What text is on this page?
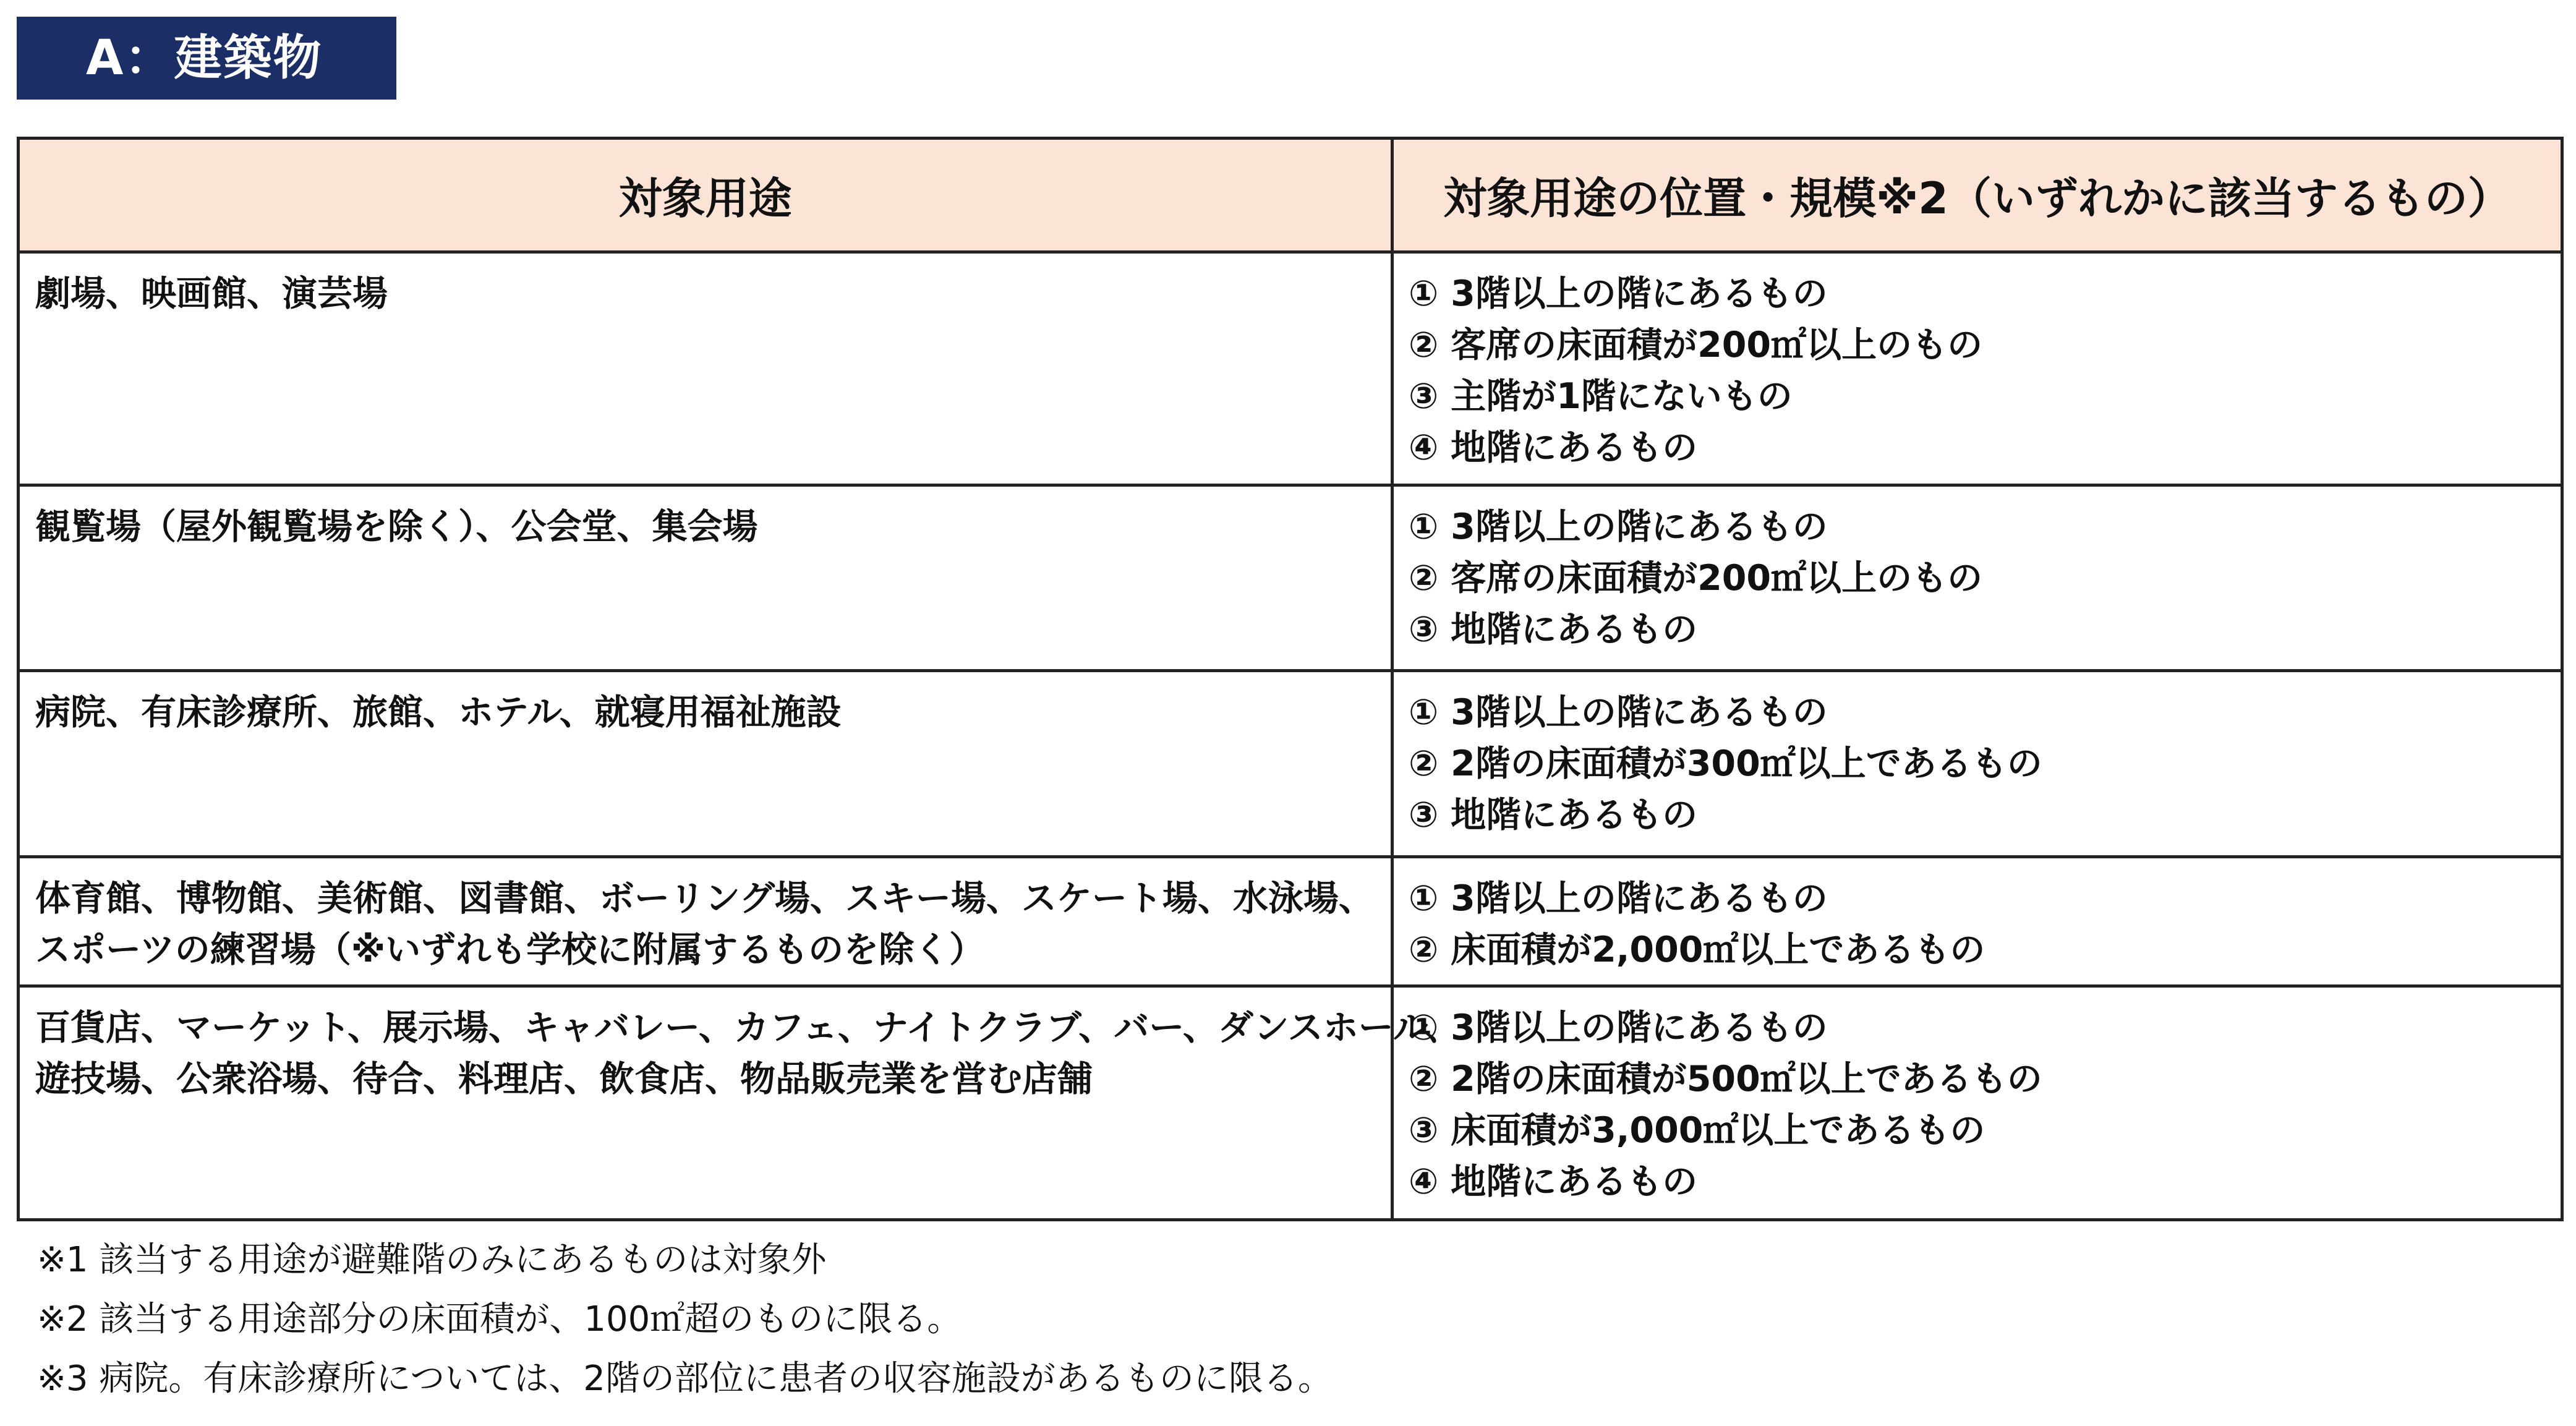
A：建築物
対象用途	対象用途の位置・規模※2（いずれかに該当するもの）

劇場、映画館、演芸場	① 3階以上の階にあるもの
② 客席の床面積が200㎡以上のもの
③ 主階が1階にないもの
④ 地階にあるもの

観覧場（屋外観覧場を除く）、公会堂、集会場	① 3階以上の階にあるもの
② 客席の床面積が200㎡以上のもの
③ 地階にあるもの

病院、有床診療所、旅館、ホテル、就寝用福祉施設	① 3階以上の階にあるもの
② 2階の床面積が300㎡以上であるもの
③ 地階にあるもの

体育館、博物館、美術館、図書館、ボーリング場、スキー場、スケート場、水泳場、
スポーツの練習場（※いずれも学校に附属するものを除く）	① 3階以上の階にあるもの
② 床面積が2,000㎡以上であるもの

百貨店、マーケット、展示場、キャバレー、カフェ、ナイトクラブ、バー、ダンスホール、
遊技場、公衆浴場、待合、料理店、飲食店、物品販売業を営む店舗	① 3階以上の階にあるもの
② 2階の床面積が500㎡以上であるもの
③ 床面積が3,000㎡以上であるもの
④ 地階にあるもの
※1 該当する用途が避難階のみにあるものは対象外
※2 該当する用途部分の床面積が、100㎡超のものに限る。
※3 病院。有床診療所については、2階の部位に患者の収容施設があるものに限る。
